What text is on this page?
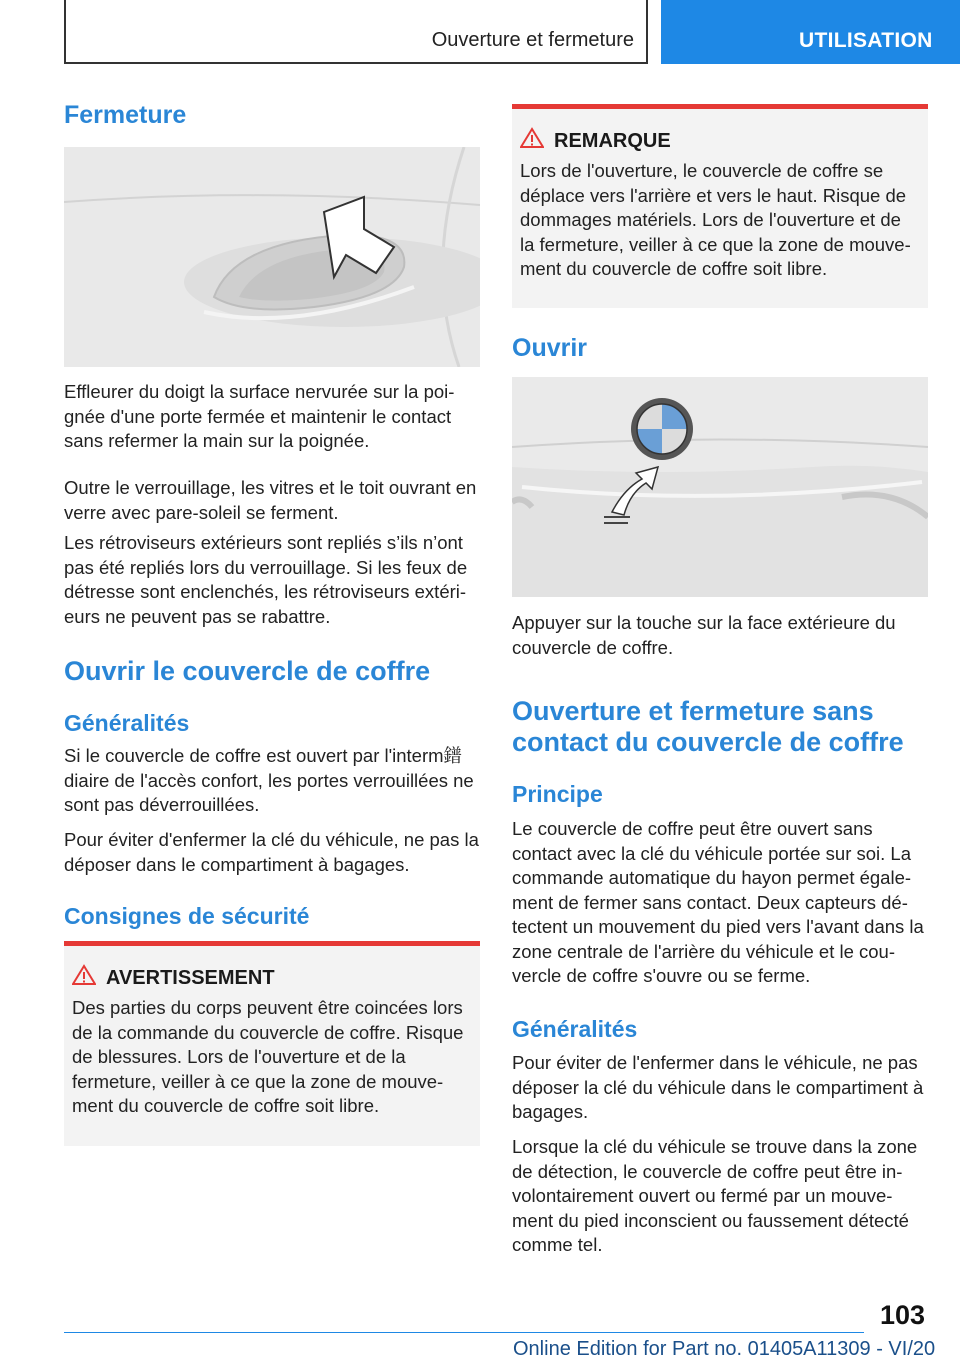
Ouverture et fermeture	UTILISATION
Fermeture

Effleurer du doigt la surface nervurée sur la poi‐ gnée d'une porte fermée et maintenir le contact sans refermer la main sur la poignée.

Outre le verrouillage, les vitres et le toit ouvrant en verre avec pare-soleil se ferment.

Les rétroviseurs extérieurs sont repliés s’ils n’ont pas été repliés lors du verrouillage. Si les feux de détresse sont enclenchés, les rétroviseurs extéri‐ eurs ne peuvent pas se rabattre.

Ouvrir le couvercle de coffre
Généralités

Si le couvercle de coffre est ouvert par l'interm鐠diaire de l'accès confort, les portes verrouillées ne sont pas déverrouillées.

Pour éviter d'enfermer la clé du véhicule, ne pas la déposer dans le compartiment à bagages.

Consignes de sécurité
AVERTISSEMENT

Des parties du corps peuvent être coincées lors de la commande du couvercle de coffre. Risque de blessures. Lors de l'ouverture et de la fermeture, veiller à ce que la zone de mouve‐ ment du couvercle de coffre soit libre.

REMARQUE

Lors de l'ouverture, le couvercle de coffre se déplace vers l'arrière et vers le haut. Risque de dommages matériels. Lors de l'ouverture et de la fermeture, veiller à ce que la zone de mouve‐ ment du couvercle de coffre soit libre.

Ouvrir

Appuyer sur la touche sur la face extérieure du couvercle de coffre.

Ouverture et fermeture sans contact du couvercle de coffre
Principe

Le couvercle de coffre peut être ouvert sans contact avec la clé du véhicule portée sur soi. La commande automatique du hayon permet égale‐ ment de fermer sans contact. Deux capteurs dé‐ tectent un mouvement du pied vers l'avant dans la zone centrale de l'arrière du véhicule et le cou‐ vercle de coffre s'ouvre ou se ferme.

Généralités

Pour éviter de l'enfermer dans le véhicule, ne pas déposer la clé du véhicule dans le compartiment à bagages.

Lorsque la clé du véhicule se trouve dans la zone de détection, le couvercle de coffre peut être in‐ volontairement ouvert ou fermé par un mouve‐ ment du pied inconscient ou faussement détecté comme tel.

103
Online Edition for Part no. 01405A11309 - VI/20
